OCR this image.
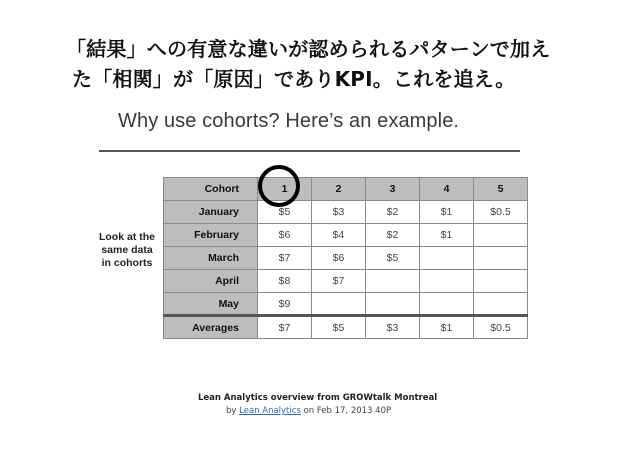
「結果」への有意な違いが認められるパターンで加え
た「相関」が「原因」でありKPI。これを追え。
Why use cohorts? Here’s an example.
Look at the
same data
in cohorts
Cohort	1	2	3	4	5
January	$5	$3	$2	$1	$0.5
February	$6	$4	$2	$1	
March	$7	$6	$5		
April	$8	$7			
May	$9				
Averages	$7	$5	$3	$1	$0.5
Lean Analytics overview from GROWtalk Montreal
by Lean Analytics on Feb 17, 2013 40P
